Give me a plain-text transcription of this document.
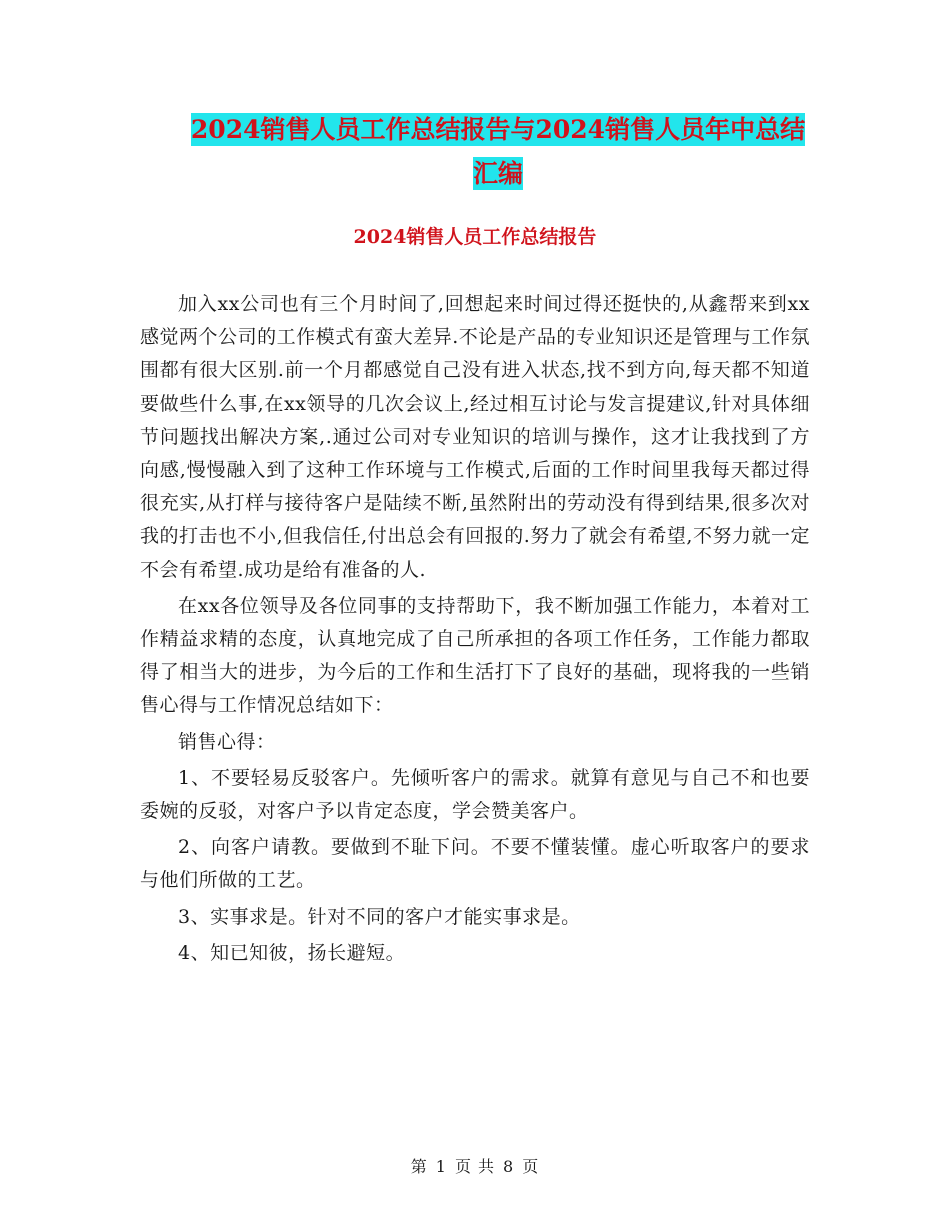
2024销售人员工作总结报告与2024销售人员年中总结
汇编
2024销售人员工作总结报告

加入xx公司也有三个月时间了,回想起来时间过得还挺快的,从鑫帮来到xx感觉两个公司的工作模式有蛮大差异.不论是产品的专业知识还是管理与工作氛围都有很大区别.前一个月都感觉自己没有进入状态,找不到方向,每天都不知道要做些什么事,在xx领导的几次会议上,经过相互讨论与发言提建议,针对具体细节问题找出解决方案,.通过公司对专业知识的培训与操作，这才让我找到了方向感,慢慢融入到了这种工作环境与工作模式,后面的工作时间里我每天都过得很充实,从打样与接待客户是陆续不断,虽然附出的劳动没有得到结果,很多次对我的打击也不小,但我信任,付出总会有回报的.努力了就会有希望,不努力就一定不会有希望.成功是给有准备的人.

在xx各位领导及各位同事的支持帮助下，我不断加强工作能力，本着对工作精益求精的态度，认真地完成了自己所承担的各项工作任务，工作能力都取得了相当大的进步，为今后的工作和生活打下了良好的基础，现将我的一些销售心得与工作情况总结如下：

销售心得：

1、不要轻易反驳客户。先倾听客户的需求。就算有意见与自己不和也要委婉的反驳，对客户予以肯定态度，学会赞美客户。

2、向客户请教。要做到不耻下问。不要不懂装懂。虚心听取客户的要求与他们所做的工艺。

3、实事求是。针对不同的客户才能实事求是。

4、知已知彼，扬长避短。

第 1 页 共 8 页
